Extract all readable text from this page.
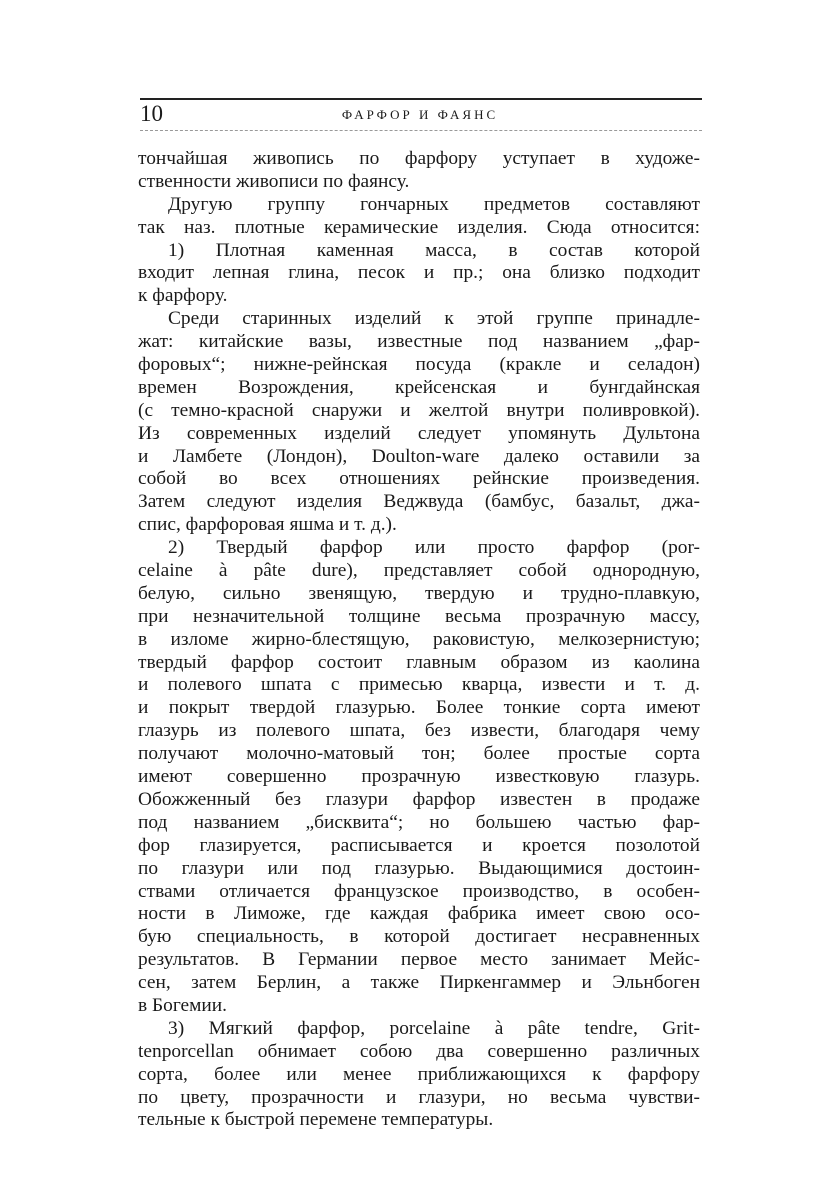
10	ФАРФОР И ФАЯНС
тончайшая живопись по фарфору уступает в художе-
ственности живописи по фаянсу.
Другую группу гончарных предметов составляют
так наз. плотные керамические изделия. Сюда относится:
1) Плотная каменная масса, в состав которой
входит лепная глина, песок и пр.; она близко подходит
к фарфору.
Среди старинных изделий к этой группе принадле-
жат: китайские вазы, известные под названием „фар-
форовых“; нижне-рейнская посуда (кракле и селадон)
времен Возрождения, крейсенская и бунгдайнская
(с темно-красной снаружи и желтой внутри поливровкой).
Из современных изделий следует упомянуть Дультона
и Ламбете (Лондон), Doulton-ware далеко оставили за
собой во всех отношениях рейнские произведения.
Затем следуют изделия Веджвуда (бамбус, базальт, джа-
спис, фарфоровая яшма и т. д.).
2) Твердый фарфор или просто фарфор (por-
celaine à pâte dure), представляет собой однородную,
белую, сильно звенящую, твердую и трудно-плавкую,
при незначительной толщине весьма прозрачную массу,
в изломе жирно-блестящую, раковистую, мелкозернистую;
твердый фарфор состоит главным образом из каолина
и полевого шпата с примесью кварца, извести и т. д.
и покрыт твердой глазурью. Более тонкие сорта имеют
глазурь из полевого шпата, без извести, благодаря чему
получают молочно-матовый тон; более простые сорта
имеют совершенно прозрачную известковую глазурь.
Обожженный без глазури фарфор известен в продаже
под названием „бисквита“; но большею частью фар-
фор глазируется, расписывается и кроется позолотой
по глазури или под глазурью. Выдающимися достоин-
ствами отличается французское производство, в особен-
ности в Лиможе, где каждая фабрика имеет свою осо-
бую специальность, в которой достигает несравненных
результатов. В Германии первое место занимает Мейс-
сен, затем Берлин, а также Пиркенгаммер и Эльнбоген
в Богемии.
3) Мягкий фарфор, porcelaine à pâte tendre, Grit-
tenporcellan обнимает собою два совершенно различных
сорта, более или менее приближающихся к фарфору
по цвету, прозрачности и глазури, но весьма чувстви-
тельные к быстрой перемене температуры.
